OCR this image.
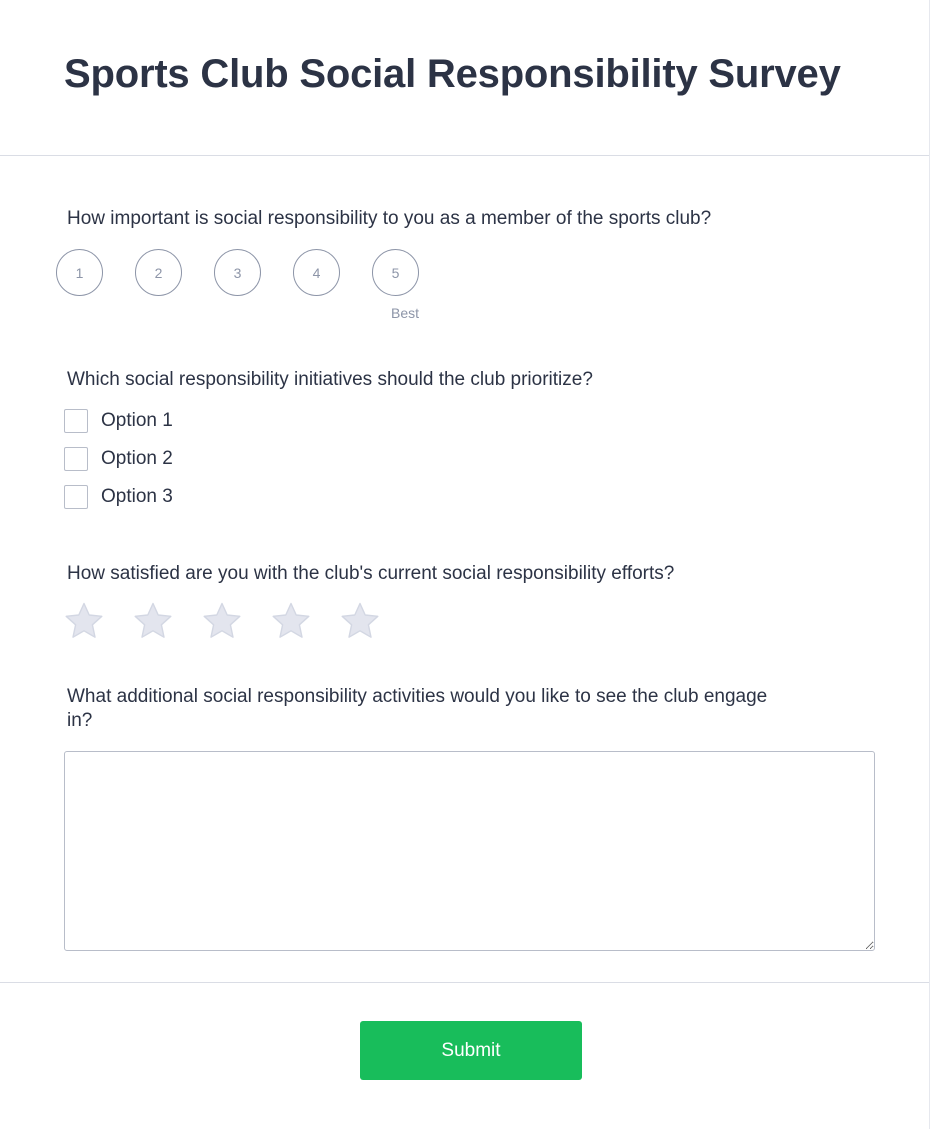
Sports Club Social Responsibility Survey

How important is social responsibility to you as a member of the sports club?

1	2	3	4	5
Best

Which social responsibility initiatives should the club prioritize?

Option 1
Option 2
Option 3

How satisfied are you with the club's current social responsibility efforts?

What additional social responsibility activities would you like to see the club engage

in?

Submit
